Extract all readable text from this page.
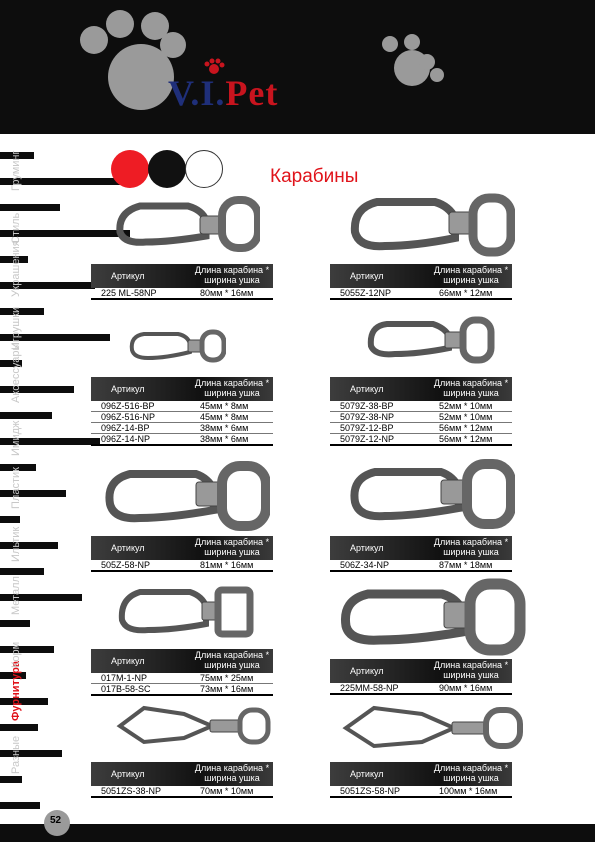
V.I.Pet
Разные
Фурнитура
Корм
Металл
Ильтик
Пластик
Имидж
Аксессуары
Игрушки
Украшения
Стиль
Груминг	Карабины
Артикул
Длина карабина *
ширина ушка
225 ML-58NP	80мм * 16мм
Артикул
Длина карабина *
ширина ушка
5055Z-12NP	66мм * 12мм
Артикул
Длина карабина *
ширина ушка
096Z-516-BP	45мм * 8мм
096Z-516-NP	45мм * 8мм
096Z-14-BP	38мм * 6мм
096Z-14-NP	38мм * 6мм
Артикул
Длина карабина *
ширина ушка
5079Z-38-BP	52мм * 10мм
5079Z-38-NP	52мм * 10мм
5079Z-12-BP	56мм * 12мм
5079Z-12-NP	56мм * 12мм
Артикул
Длина карабина *
ширина ушка
505Z-58-NP	81мм * 16мм
Артикул
Длина карабина *
ширина ушка
506Z-34-NP	87мм * 18мм
Артикул
Длина карабина *
ширина ушка
017M-1-NP	75мм * 25мм
017B-58-SC	73мм * 16мм
Артикул
Длина карабина *
ширина ушка
225MM-58-NP	90мм * 16мм
Артикул
Длина карабина *
ширина ушка
5051ZS-38-NP	70мм * 10мм
Артикул
Длина карабина *
ширина ушка
5051ZS-58-NP	100мм * 16мм
52
